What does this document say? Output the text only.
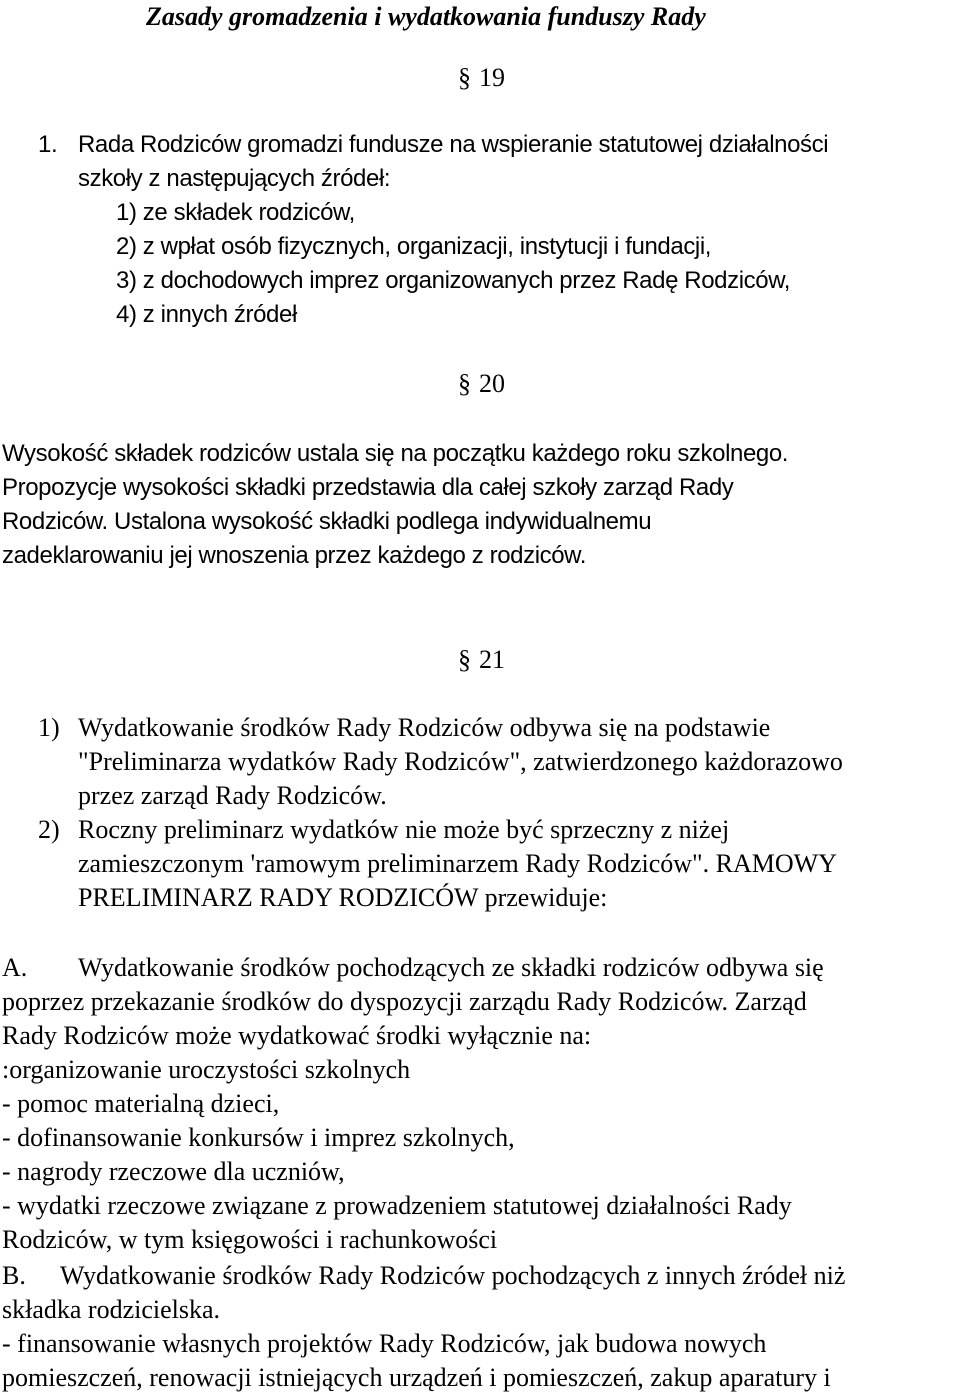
Zasady gromadzenia i wydatkowania funduszy Rady
§ 19
1. Rada Rodziców gromadzi fundusze na wspieranie statutowej działalności
szkoły z następujących źródeł:
1) ze składek rodziców,
2) z wpłat osób fizycznych, organizacji, instytucji i fundacji,
3) z dochodowych imprez organizowanych przez Radę Rodziców,
4) z innych źródeł
§ 20
Wysokość składek rodziców ustala się na początku każdego roku szkolnego.
Propozycje wysokości składki przedstawia dla całej szkoły zarząd Rady
Rodziców. Ustalona wysokość składki podlega indywidualnemu
zadeklarowaniu jej wnoszenia przez każdego z rodziców.
§ 21
1) Wydatkowanie środków Rady Rodziców odbywa się na podstawie
"Preliminarza wydatków Rady Rodziców", zatwierdzonego każdorazowo
przez zarząd Rady Rodziców.
2) Roczny preliminarz wydatków nie może być sprzeczny z niżej
zamieszczonym 'ramowym preliminarzem Rady Rodziców". RAMOWY
PRELIMINARZ RADY RODZICÓW przewiduje:
A. Wydatkowanie środków pochodzących ze składki rodziców odbywa się
poprzez przekazanie środków do dyspozycji zarządu Rady Rodziców. Zarząd
Rady Rodziców może wydatkować środki wyłącznie na:
:organizowanie uroczystości szkolnych
- pomoc materialną dzieci,
- dofinansowanie konkursów i imprez szkolnych,
- nagrody rzeczowe dla uczniów,
- wydatki rzeczowe związane z prowadzeniem statutowej działalności Rady
Rodziców, w tym księgowości i rachunkowości
B. Wydatkowanie środków Rady Rodziców pochodzących z innych źródeł niż
składka rodzicielska.
- finansowanie własnych projektów Rady Rodziców, jak budowa nowych
pomieszczeń, renowacji istniejących urządzeń i pomieszczeń, zakup aparatury i
